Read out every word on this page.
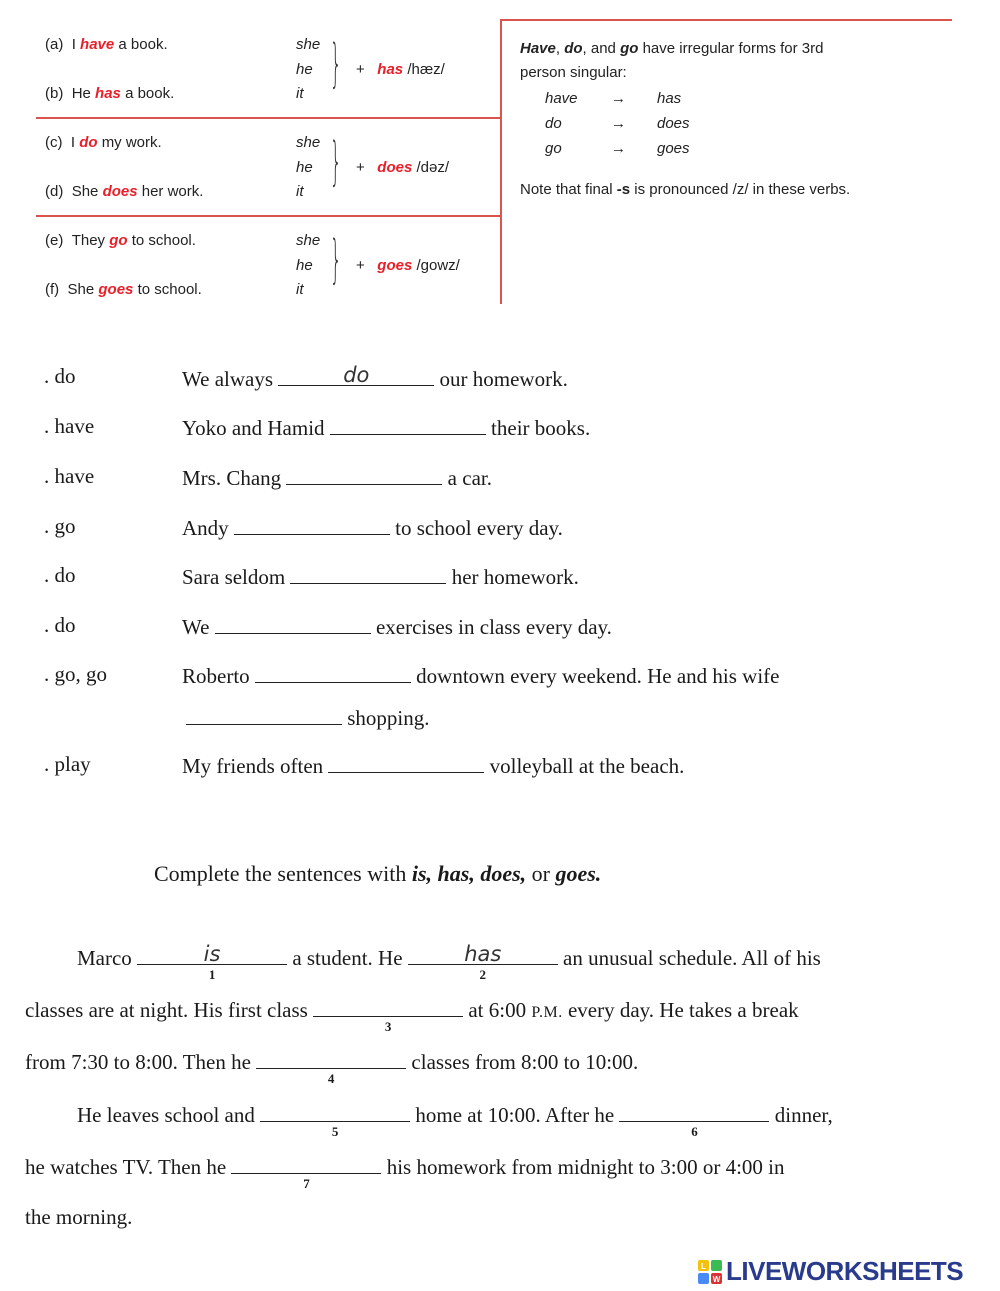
(a) I have a book.
(b) He has a book.
she
he
it } + has /hæz/
(c) I do my work.
(d) She does her work.
she
he
it } + does /dəz/
(e) They go to school.
(f) She goes to school.
she
he
it } + goes /gowz/
Have, do, and go have irregular forms for 3rd
person singular:
have → has
do	→ does
go	→ goes
Note that final -s is pronounced /z/ in these verbs.
. do	We always	do	our homework.
. have	Yoko and Hamid	their books.
. have	Mrs. Chang	a car.
. go	Andy	to school every day.
. do	Sara seldom	her homework.
. do	We	exercises in class every day.
. go, go	Roberto	downtown every weekend. He and his wife
shopping.
. play	My friends often	volleyball at the beach.
Complete the sentences with is, has, does, or goes.
Marco	is
1
a student. He	has
2
an unusual schedule. All of his
classes are at night. His first class
3
at 6:00 P.M. every day. He takes a break
from 7:30 to 8:00. Then he
4
classes from 8:00 to 10:00.
He leaves school and
5
home at 10:00. After he
6
dinner,
he watches TV. Then he
7
his homework from midnight to 3:00 or 4:00 in
the morning.
L
W LIVEWORKSHEETS
